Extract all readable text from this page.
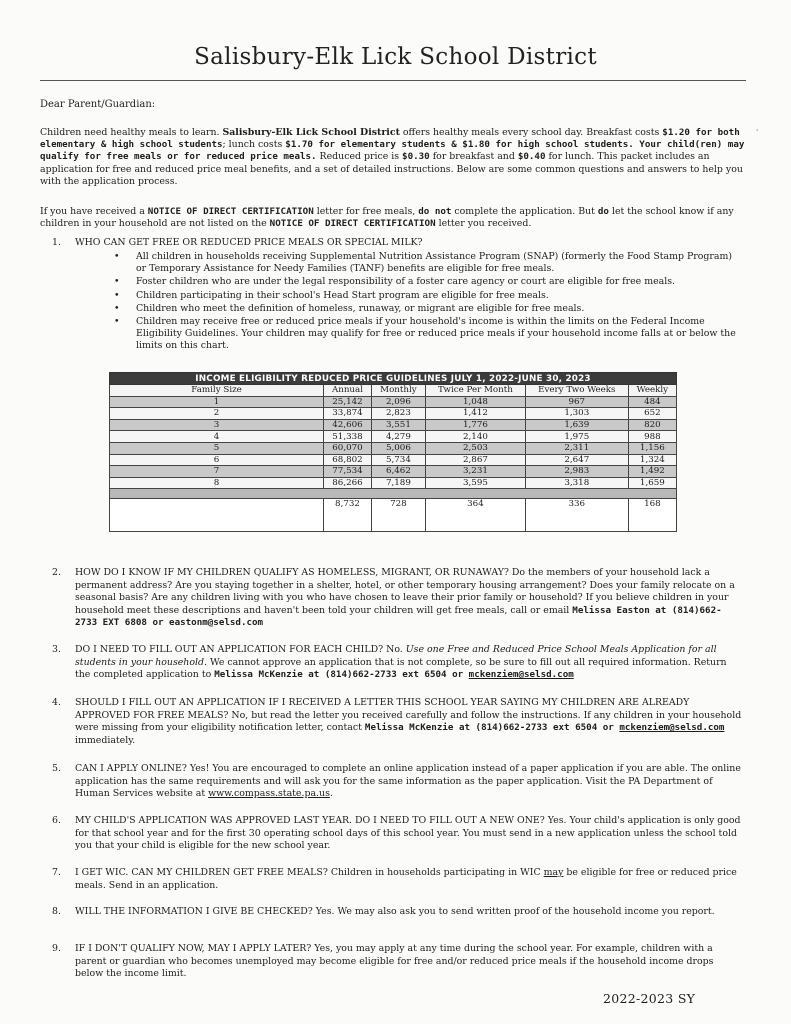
Salisbury-Elk Lick School District
'
Dear Parent/Guardian:
Children need healthy meals to learn. Salisbury-Elk Lick School District offers healthy meals every school day. Breakfast costs $1.20 for both elementary & high school students; lunch costs $1.70 for elementary students & $1.80 for high school students. Your child(ren) may qualify for free meals or for reduced price meals. Reduced price is $0.30 for breakfast and $0.40 for lunch. This packet includes an application for free and reduced price meal benefits, and a set of detailed instructions. Below are some common questions and answers to help you with the application process.
If you have received a NOTICE OF DIRECT CERTIFICATION letter for free meals, do not complete the application. But do let the school know if any children in your household are not listed on the NOTICE OF DIRECT CERTIFICATION letter you received.
1. WHO CAN GET FREE OR REDUCED PRICE MEALS OR SPECIAL MILK?
• All children in households receiving Supplemental Nutrition Assistance Program (SNAP) (formerly the Food Stamp Program) or Temporary Assistance for Needy Families (TANF) benefits are eligible for free meals.
• Foster children who are under the legal responsibility of a foster care agency or court are eligible for free meals.
• Children participating in their school's Head Start program are eligible for free meals.
• Children who meet the definition of homeless, runaway, or migrant are eligible for free meals.
• Children may receive free or reduced price meals if your household's income is within the limits on the Federal Income Eligibility Guidelines. Your children may qualify for free or reduced price meals if your household income falls at or below the limits on this chart.
INCOME ELIGIBILITY REDUCED PRICE GUIDELINES JULY 1, 2022-JUNE 30, 2023					
Family Size	Annual	Monthly	Twice Per Month	Every Two Weeks	Weekly
1	25,142	2,096	1,048	967	484
2	33,874	2,823	1,412	1,303	652
3	42,606	3,551	1,776	1,639	820
4	51,338	4,279	2,140	1,975	988
5	60,070	5,006	2,503	2,311	1,156
6	68,802	5,734	2,867	2,647	1,324
7	77,534	6,462	3,231	2,983	1,492
8	86,266	7,189	3,595	3,318	1,659

Each additional family member add:	8,732	728	364	336	168
2. HOW DO I KNOW IF MY CHILDREN QUALIFY AS HOMELESS, MIGRANT, OR RUNAWAY? Do the members of your household lack a permanent address? Are you staying together in a shelter, hotel, or other temporary housing arrangement? Does your family relocate on a seasonal basis? Are any children living with you who have chosen to leave their prior family or household? If you believe children in your household meet these descriptions and haven't been told your children will get free meals, call or email Melissa Easton at (814)662-2733 EXT 6808 or eastonm@selsd.com
3. DO I NEED TO FILL OUT AN APPLICATION FOR EACH CHILD? No. Use one Free and Reduced Price School Meals Application for all students in your household. We cannot approve an application that is not complete, so be sure to fill out all required information. Return the completed application to Melissa McKenzie at (814)662-2733 ext 6504 or mckenziem@selsd.com
4. SHOULD I FILL OUT AN APPLICATION IF I RECEIVED A LETTER THIS SCHOOL YEAR SAYING MY CHILDREN ARE ALREADY APPROVED FOR FREE MEALS? No, but read the letter you received carefully and follow the instructions. If any children in your household were missing from your eligibility notification letter, contact Melissa McKenzie at (814)662-2733 ext 6504 or mckenziem@selsd.com immediately.
5. CAN I APPLY ONLINE? Yes! You are encouraged to complete an online application instead of a paper application if you are able. The online application has the same requirements and will ask you for the same information as the paper application. Visit the PA Department of Human Services website at www.compass.state.pa.us.
6. MY CHILD'S APPLICATION WAS APPROVED LAST YEAR. DO I NEED TO FILL OUT A NEW ONE? Yes. Your child's application is only good for that school year and for the first 30 operating school days of this school year. You must send in a new application unless the school told you that your child is eligible for the new school year.
7. I GET WIC. CAN MY CHILDREN GET FREE MEALS? Children in households participating in WIC may be eligible for free or reduced price meals. Send in an application.
8. WILL THE INFORMATION I GIVE BE CHECKED? Yes. We may also ask you to send written proof of the household income you report.
9. IF I DON'T QUALIFY NOW, MAY I APPLY LATER? Yes, you may apply at any time during the school year. For example, children with a parent or guardian who becomes unemployed may become eligible for free and/or reduced price meals if the household income drops below the income limit.
2022-2023 SY
